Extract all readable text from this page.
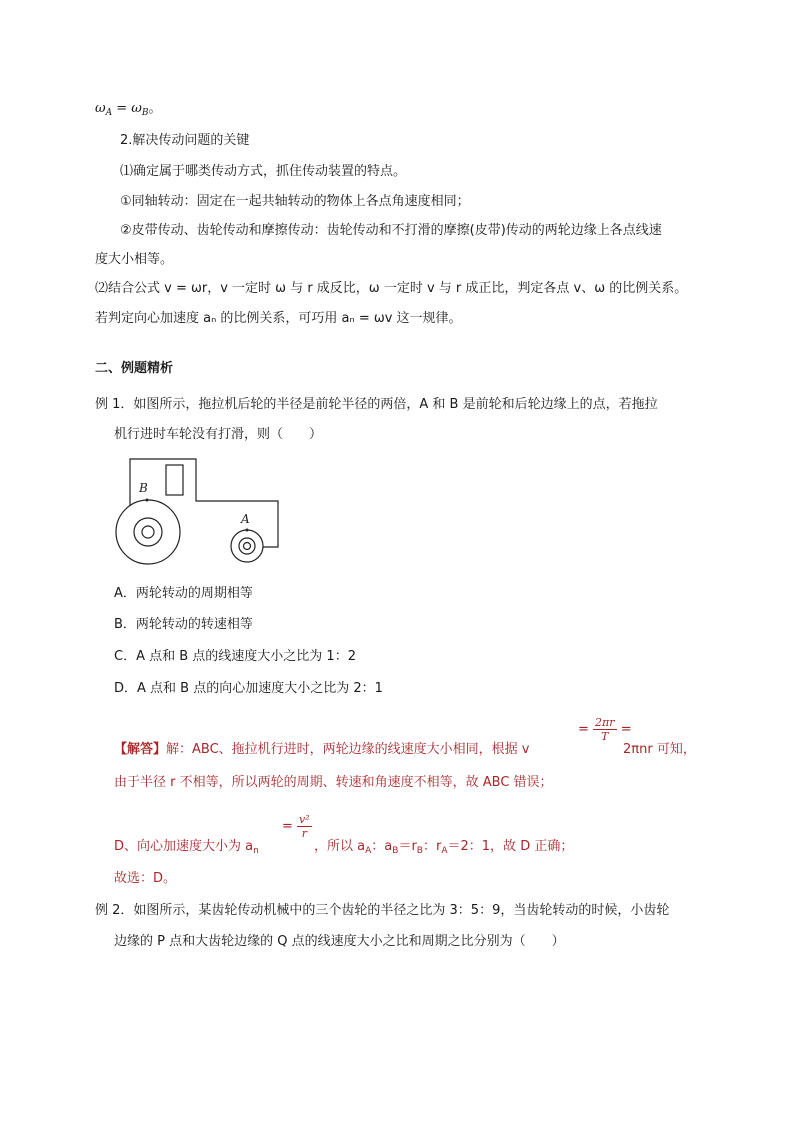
$\omega_A = \omega_B$。
2.解决传动问题的关键
⑴确定属于哪类传动方式，抓住传动装置的特点。
①同轴转动：固定在一起共轴转动的物体上各点角速度相同；
②皮带传动、齿轮传动和摩擦传动：齿轮传动和不打滑的摩擦(皮带)传动的两轮边缘上各点线速
度大小相等。
⑵结合公式 v = ωr，v 一定时 ω 与 r 成反比，ω 一定时 v 与 r 成正比，判定各点 v、ω 的比例关系。
若判定向心加速度 aₙ 的比例关系，可巧用 aₙ = ωv 这一规律。
二、例题精析
例 1．如图所示，拖拉机后轮的半径是前轮半径的两倍，A 和 B 是前轮和后轮边缘上的点，若拖拉
机行进时车轮没有打滑，则（　　）
B
A
A．两轮转动的周期相等
B．两轮转动的转速相等
C．A 点和 B 点的线速度大小之比为 1：2
D．A 点和 B 点的向心加速度大小之比为 2：1
【解答】解：ABC、拖拉机行进时，两轮边缘的线速度大小相同，根据 v
= $\frac{2\pi r}{T}$ =
2πnr 可知，
由于半径 r 不相等，所以两轮的周期、转速和角速度不相等，故 ABC 错误；
D、向心加速度大小为 $a_n$
= $\frac{\text{v²}}{r}$
，所以 $a_A$：$a_B=r_B$：$r_A=2$：1，故 D 正确；
故选：D。
例 2．如图所示，某齿轮传动机械中的三个齿轮的半径之比为 3：5：9，当齿轮转动的时候，小齿轮
边缘的 P 点和大齿轮边缘的 Q 点的线速度大小之比和周期之比分别为（　　）
